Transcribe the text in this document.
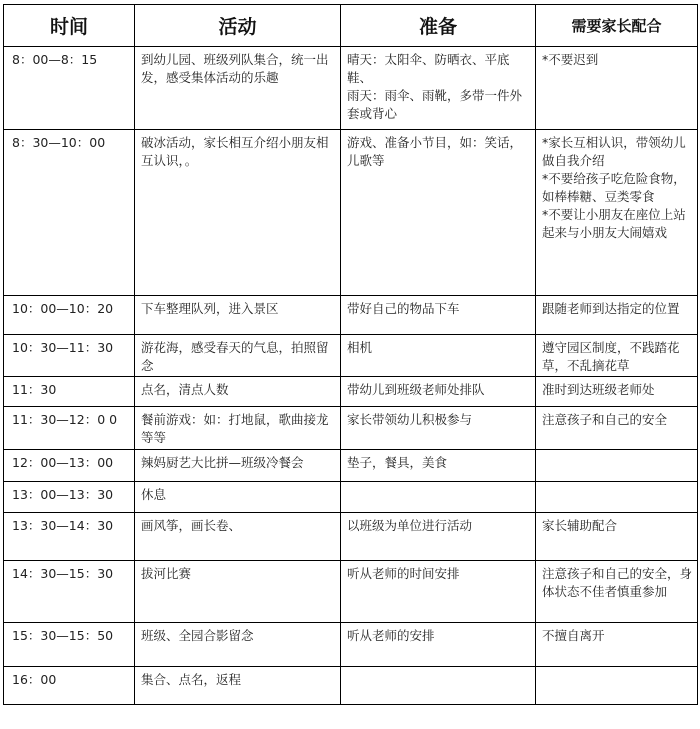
时间	活动	准备	需要家长配合
8：00—8：15	到幼儿园、班级列队集合，统一出发，感受集体活动的乐趣	晴天：太阳伞、防晒衣、平底鞋、
雨天：雨伞、雨靴，多带一件外套或背心	*不要迟到

8：30—10：00	破冰活动，家长相互介绍小朋友相互认识，。	游戏、准备小节目，如：笑话，儿歌等	*家长互相认识，带领幼儿做自我介绍
*不要给孩子吃危险食物，如棒棒糖、豆类零食
*不要让小朋友在座位上站起来与小朋友大闹嬉戏

10：00—10：20	下车整理队列，进入景区	带好自己的物品下车	跟随老师到达指定的位置

10：30—11：30	游花海，感受春天的气息，拍照留念	相机	遵守园区制度，不践踏花草，不乱摘花草

11：30	点名，清点人数	带幼儿到班级老师处排队	准时到达班级老师处

11：30—12：0 0	餐前游戏：如：打地鼠，歌曲接龙等等	家长带领幼儿积极参与	注意孩子和自己的安全

12：00—13：00	辣妈厨艺大比拼—班级冷餐会	垫子，餐具，美食	

13：00—13：30	休息		
13：30—14：30	画风筝，画长卷、	以班级为单位进行活动	家长辅助配合

14：30—15：30	拔河比赛	听从老师的时间安排	注意孩子和自己的安全，身体状态不佳者慎重参加

15：30—15：50	班级、全园合影留念	听从老师的安排	不擅自离开

16：00	集合、点名，返程		
